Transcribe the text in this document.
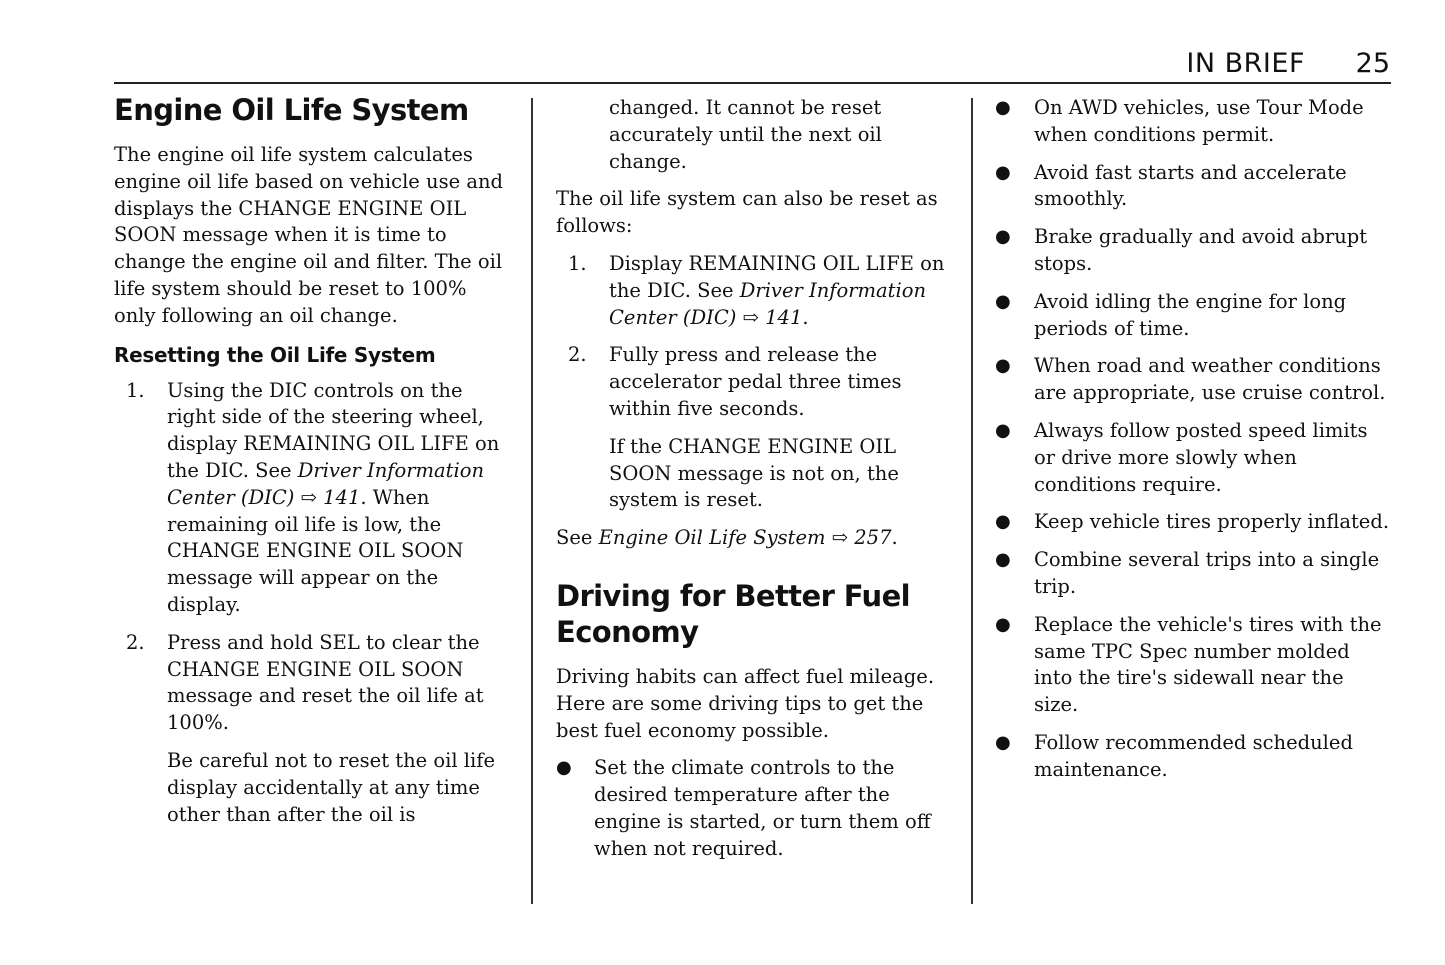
IN BRIEF 25
Engine Oil Life System

The engine oil life system calculates engine oil life based on vehicle use and displays the CHANGE ENGINE OIL SOON message when it is time to change the engine oil and filter. The oil life system should be reset to 100% only following an oil change.

Resetting the Oil Life System
1. Using the DIC controls on the right side of the steering wheel, display REMAINING OIL LIFE on the DIC. See Driver Information Center (DIC) ⇨ 141. When remaining oil life is low, the CHANGE ENGINE OIL SOON message will appear on the display.
2. Press and hold SEL to clear the CHANGE ENGINE OIL SOON message and reset the oil life at 100%.
Be careful not to reset the oil life display accidentally at any time other than after the oil is
changed. It cannot be reset accurately until the next oil change.

The oil life system can also be reset as follows:

1. Display REMAINING OIL LIFE on the DIC. See Driver Information Center (DIC) ⇨ 141.
2. Fully press and release the accelerator pedal three times within five seconds.
If the CHANGE ENGINE OIL SOON message is not on, the system is reset.

See Engine Oil Life System ⇨ 257.

Driving for Better Fuel Economy

Driving habits can affect fuel mileage. Here are some driving tips to get the best fuel economy possible.

● Set the climate controls to the desired temperature after the engine is started, or turn them off when not required.
● On AWD vehicles, use Tour Mode when conditions permit.
● Avoid fast starts and accelerate smoothly.
● Brake gradually and avoid abrupt stops.
● Avoid idling the engine for long periods of time.
● When road and weather conditions are appropriate, use cruise control.
● Always follow posted speed limits or drive more slowly when conditions require.
● Keep vehicle tires properly inflated.
● Combine several trips into a single trip.
● Replace the vehicle's tires with the same TPC Spec number molded into the tire's sidewall near the size.
● Follow recommended scheduled maintenance.
